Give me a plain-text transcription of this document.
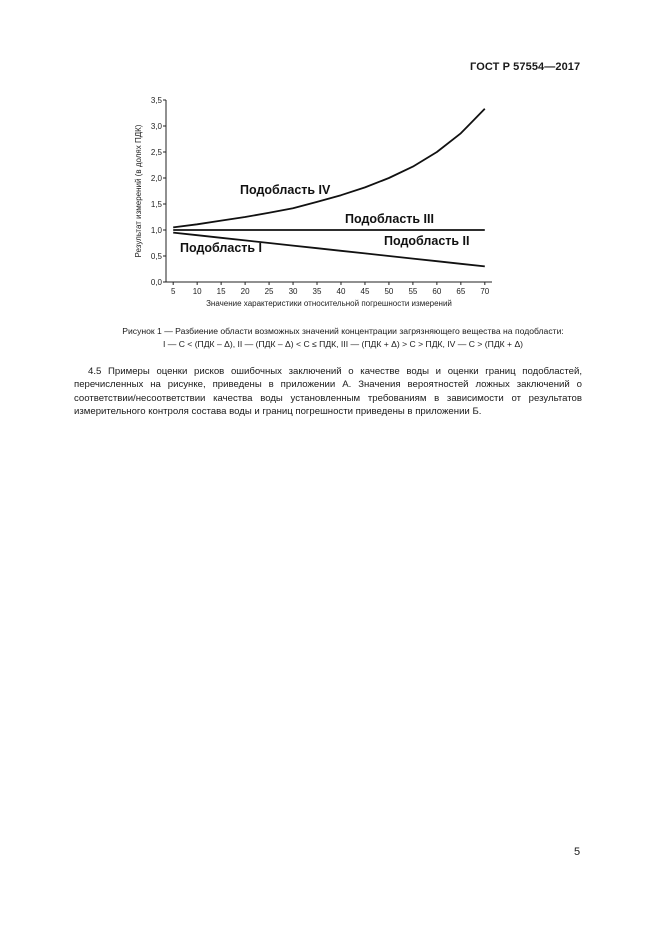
ГОСТ Р 57554—2017
0,0
0,5
1,0
1,5
2,0
2,5
3,0
3,5
5 10 15 20 25 30 35 40 45 50 55 60 65 70
Подобласть IV
Подобласть III
Подобласть II
Подобласть I
Значение характеристики относительной погрешности измерений
Результат измерений (в долях ПДК)
Рисунок 1 — Разбиение области возможных значений концентрации загрязняющего вещества на подобласти:
I — C < (ПДК – Δ), II — (ПДК – Δ) < C ≤ ПДК, III — (ПДК + Δ) > C > ПДК, IV — C > (ПДК + Δ)
4.5 Примеры оценки рисков ошибочных заключений о качестве воды и оценки границ подобластей, перечисленных на рисунке, приведены в приложении А. Значения вероятностей ложных заключений о соответствии/несоответствии качества воды установленным требованиям в зависимости от результатов измерительного контроля состава воды и границ погрешности приведены в приложении Б.
5
